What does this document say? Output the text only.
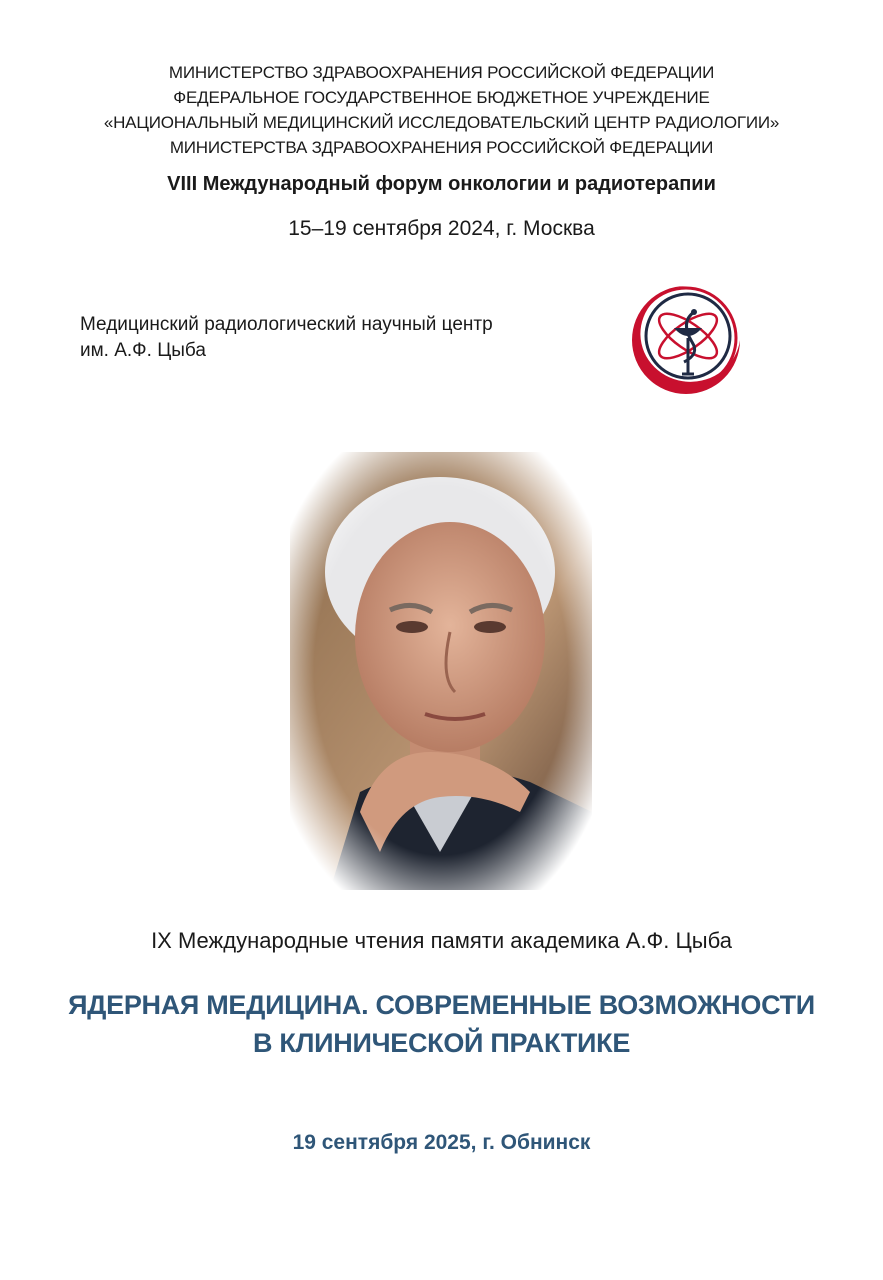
МИНИСТЕРСТВО ЗДРАВООХРАНЕНИЯ РОССИЙСКОЙ ФЕДЕРАЦИИ
ФЕДЕРАЛЬНОЕ ГОСУДАРСТВЕННОЕ БЮДЖЕТНОЕ УЧРЕЖДЕНИЕ
«НАЦИОНАЛЬНЫЙ МЕДИЦИНСКИЙ ИССЛЕДОВАТЕЛЬСКИЙ ЦЕНТР РАДИОЛОГИИ»
МИНИСТЕРСТВА ЗДРАВООХРАНЕНИЯ РОССИЙСКОЙ ФЕДЕРАЦИИ
VIII Международный форум онкологии и радиотерапии
15–19 сентября 2024, г. Москва
Медицинский радиологический научный центр
им. А.Ф. Цыба
IX Международные чтения памяти академика А.Ф. Цыба
ЯДЕРНАЯ МЕДИЦИНА. СОВРЕМЕННЫЕ ВОЗМОЖНОСТИ
В КЛИНИЧЕСКОЙ ПРАКТИКЕ
19 сентября 2025, г. Обнинск
